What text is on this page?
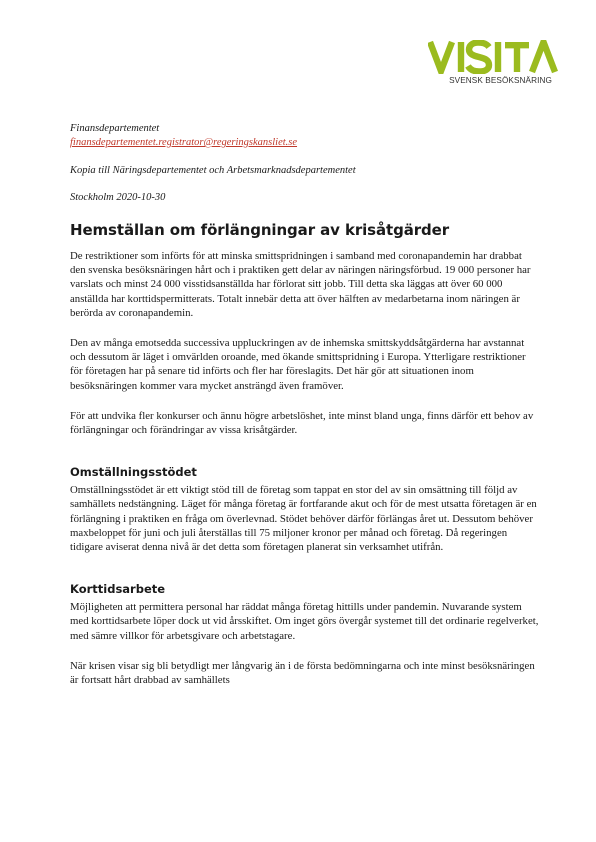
SVENSK BESÖKSNÄRING

Finansdepartementet

finansdepartementet.registrator@regeringskansliet.se

Kopia till Näringsdepartementet och Arbetsmarknadsdepartementet

Stockholm 2020-10-30

Hemställan om förlängningar av krisåtgärder

De restriktioner som införts för att minska smittspridningen i samband med coronapandemin har drabbat den svenska besöksnäringen hårt och i praktiken gett delar av näringen näringsförbud. 19 000 personer har varslats och minst 24 000 visstidsanställda har förlorat sitt jobb. Till detta ska läggas att över 60 000 anställda har korttidspermitterats. Totalt innebär detta att över hälften av medarbetarna inom näringen är berörda av coronapandemin.

Den av många emotsedda successiva uppluckringen av de inhemska smittskyddsåtgärderna har avstannat och dessutom är läget i omvärlden oroande, med ökande smittspridning i Europa. Ytterligare restriktioner för företagen har på senare tid införts och fler har föreslagits. Det här gör att situationen inom besöksnäringen kommer vara mycket ansträngd även framöver.

För att undvika fler konkurser och ännu högre arbetslöshet, inte minst bland unga, finns därför ett behov av förlängningar och förändringar av vissa krisåtgärder.

Omställningsstödet

Omställningsstödet är ett viktigt stöd till de företag som tappat en stor del av sin omsättning till följd av samhällets nedstängning. Läget för många företag är fortfarande akut och för de mest utsatta företagen är en förlängning i praktiken en fråga om överlevnad. Stödet behöver därför förlängas året ut. Dessutom behöver maxbeloppet för juni och juli återställas till 75 miljoner kronor per månad och företag. Då regeringen tidigare aviserat denna nivå är det detta som företagen planerat sin verksamhet utifrån.

Korttidsarbete

Möjligheten att permittera personal har räddat många företag hittills under pandemin. Nuvarande system med korttidsarbete löper dock ut vid årsskiftet. Om inget görs övergår systemet till det ordinarie regelverket, med sämre villkor för arbetsgivare och arbetstagare.

När krisen visar sig bli betydligt mer långvarig än i de första bedömningarna och inte minst besöksnäringen är fortsatt hårt drabbad av samhällets
